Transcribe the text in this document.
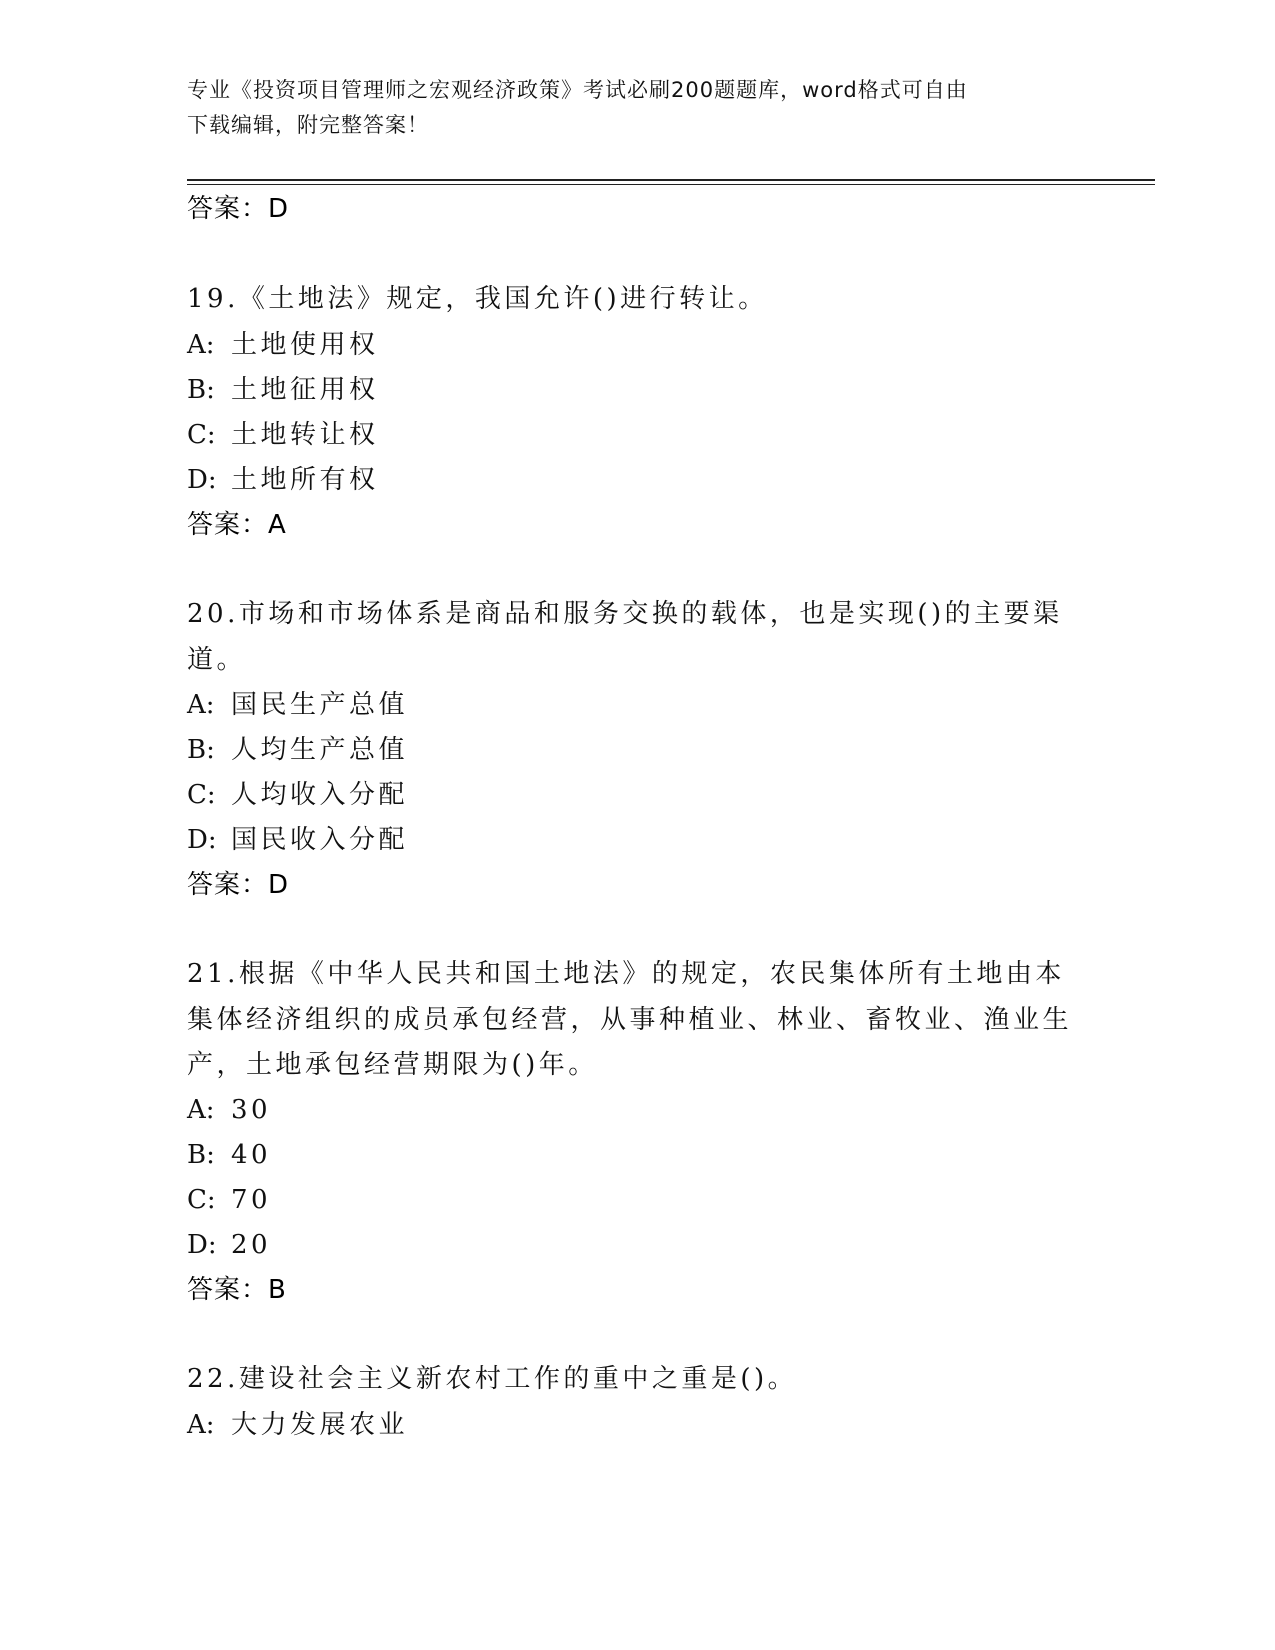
专业《投资项目管理师之宏观经济政策》考试必刷200题题库，word格式可自由
下载编辑，附完整答案！
答案：D
19.《土地法》规定，我国允许()进行转让。
A: 土地使用权
B: 土地征用权
C: 土地转让权
D: 土地所有权
答案：A
20.市场和市场体系是商品和服务交换的载体，也是实现()的主要渠道。
A: 国民生产总值
B: 人均生产总值
C: 人均收入分配
D: 国民收入分配
答案：D
21.根据《中华人民共和国土地法》的规定，农民集体所有土地由本集体经济组织的成员承包经营，从事种植业、林业、畜牧业、渔业生产，土地承包经营期限为()年。
A: 30
B: 40
C: 70
D: 20
答案：B
22.建设社会主义新农村工作的重中之重是()。
A: 大力发展农业
